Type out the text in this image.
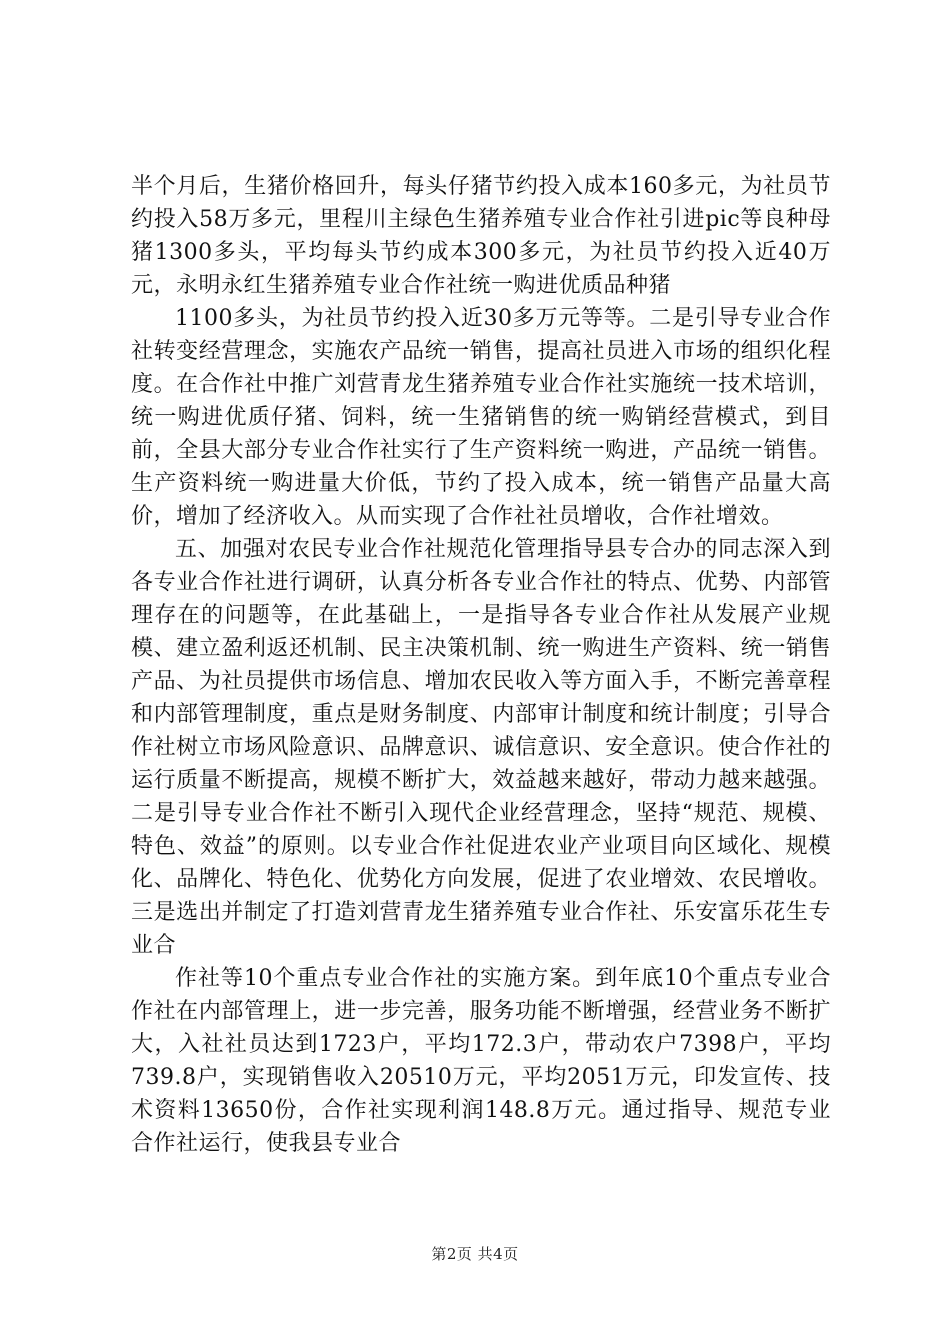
半个月后，生猪价格回升，每头仔猪节约投入成本160多元，为社员节约投入58万多元，里程川主绿色生猪养殖专业合作社引进pic等良种母猪1300多头，平均每头节约成本300多元，为社员节约投入近40万元，永明永红生猪养殖专业合作社统一购进优质品种猪

1100多头，为社员节约投入近30多万元等等。二是引导专业合作社转变经营理念，实施农产品统一销售，提高社员进入市场的组织化程度。在合作社中推广刘营青龙生猪养殖专业合作社实施统一技术培训，统一购进优质仔猪、饲料，统一生猪销售的统一购销经营模式，到目前，全县大部分专业合作社实行了生产资料统一购进，产品统一销售。生产资料统一购进量大价低，节约了投入成本，统一销售产品量大高价，增加了经济收入。从而实现了合作社社员增收，合作社增效。

五、加强对农民专业合作社规范化管理指导县专合办的同志深入到各专业合作社进行调研，认真分析各专业合作社的特点、优势、内部管理存在的问题等，在此基础上，一是指导各专业合作社从发展产业规模、建立盈利返还机制、民主决策机制、统一购进生产资料、统一销售产品、为社员提供市场信息、增加农民收入等方面入手，不断完善章程和内部管理制度，重点是财务制度、内部审计制度和统计制度；引导合作社树立市场风险意识、品牌意识、诚信意识、安全意识。使合作社的运行质量不断提高，规模不断扩大，效益越来越好，带动力越来越强。二是引导专业合作社不断引入现代企业经营理念，坚持“规范、规模、特色、效益”的原则。以专业合作社促进农业产业项目向区域化、规模化、品牌化、特色化、优势化方向发展，促进了农业增效、农民增收。三是选出并制定了打造刘营青龙生猪养殖专业合作社、乐安富乐花生专业合

作社等10个重点专业合作社的实施方案。到年底10个重点专业合作社在内部管理上，进一步完善，服务功能不断增强，经营业务不断扩大，入社社员达到1723户，平均172.3户，带动农户7398户，平均739.8户，实现销售收入20510万元，平均2051万元，印发宣传、技术资料13650份，合作社实现利润148.8万元。通过指导、规范专业合作社运行，使我县专业合

第2页 共4页
